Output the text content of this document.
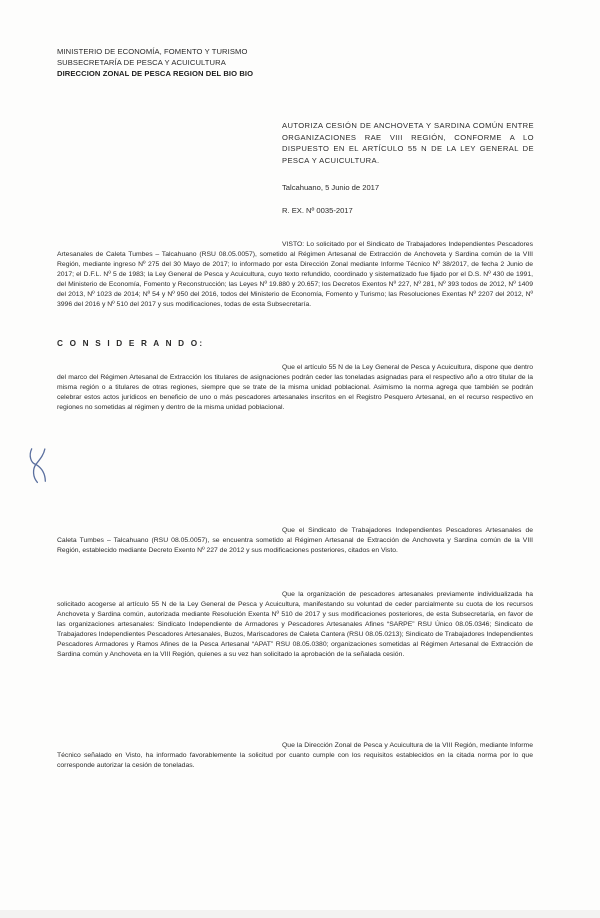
MINISTERIO DE ECONOMÍA, FOMENTO Y TURISMO
SUBSECRETARÍA DE PESCA Y ACUICULTURA
DIRECCION ZONAL DE PESCA REGION DEL BIO BIO
AUTORIZA CESIÓN DE ANCHOVETA Y SARDINA COMÚN ENTRE ORGANIZACIONES RAE VIII REGIÓN, CONFORME A LO DISPUESTO EN EL ARTÍCULO 55 N DE LA LEY GENERAL DE PESCA Y ACUICULTURA.
Talcahuano, 5 Junio de 2017
R. EX. Nº 0035-2017
VISTO: Lo solicitado por el Sindicato de Trabajadores Independientes Pescadores Artesanales de Caleta Tumbes – Talcahuano (RSU 08.05.0057), sometido al Régimen Artesanal de Extracción de Anchoveta y Sardina común de la VIII Región, mediante ingreso Nº 275 del 30 Mayo de 2017; lo informado por esta Dirección Zonal mediante Informe Técnico Nº 38/2017, de fecha 2 Junio de 2017; el D.F.L. Nº 5 de 1983; la Ley General de Pesca y Acuicultura, cuyo texto refundido, coordinado y sistematizado fue fijado por el D.S. Nº 430 de 1991, del Ministerio de Economía, Fomento y Reconstrucción; las Leyes Nº 19.880 y 20.657; los Decretos Exentos Nº 227, Nº 281, Nº 393 todos de 2012, Nº 1409 del 2013, Nº 1023 de 2014; Nº 54 y Nº 950 del 2016, todos del Ministerio de Economía, Fomento y Turismo; las Resoluciones Exentas Nº 2207 del 2012, Nº 3996 del 2016 y Nº 510 del 2017 y sus modificaciones, todas de esta Subsecretaría.
C O N S I D E R A N D O:
Que el artículo 55 N de la Ley General de Pesca y Acuicultura, dispone que dentro del marco del Régimen Artesanal de Extracción los titulares de asignaciones podrán ceder las toneladas asignadas para el respectivo año a otro titular de la misma región o a titulares de otras regiones, siempre que se trate de la misma unidad poblacional. Asimismo la norma agrega que también se podrán celebrar estos actos jurídicos en beneficio de uno o más pescadores artesanales inscritos en el Registro Pesquero Artesanal, en el recurso respectivo en regiones no sometidas al régimen y dentro de la misma unidad poblacional.
Que el Sindicato de Trabajadores Independientes Pescadores Artesanales de Caleta Tumbes – Talcahuano (RSU 08.05.0057), se encuentra sometido al Régimen Artesanal de Extracción de Anchoveta y Sardina común de la VIII Región, establecido mediante Decreto Exento Nº 227 de 2012 y sus modificaciones posteriores, citados en Visto.
Que la organización de pescadores artesanales previamente individualizada ha solicitado acogerse al artículo 55 N de la Ley General de Pesca y Acuicultura, manifestando su voluntad de ceder parcialmente su cuota de los recursos Anchoveta y Sardina común, autorizada mediante Resolución Exenta Nº 510 de 2017 y sus modificaciones posteriores, de esta Subsecretaría, en favor de las organizaciones artesanales: Sindicato Independiente de Armadores y Pescadores Artesanales Afines “SARPE” RSU Único 08.05.0346; Sindicato de Trabajadores Independientes Pescadores Artesanales, Buzos, Mariscadores de Caleta Cantera (RSU 08.05.0213); Sindicato de Trabajadores Independientes Pescadores Armadores y Ramos Afines de la Pesca Artesanal “APAT” RSU 08.05.0380; organizaciones sometidas al Régimen Artesanal de Extracción de Sardina común y Anchoveta en la VIII Región, quienes a su vez han solicitado la aprobación de la señalada cesión.
Que la Dirección Zonal de Pesca y Acuicultura de la VIII Región, mediante Informe Técnico señalado en Visto, ha informado favorablemente la solicitud por cuanto cumple con los requisitos establecidos en la citada norma por lo que corresponde autorizar la cesión de toneladas.
